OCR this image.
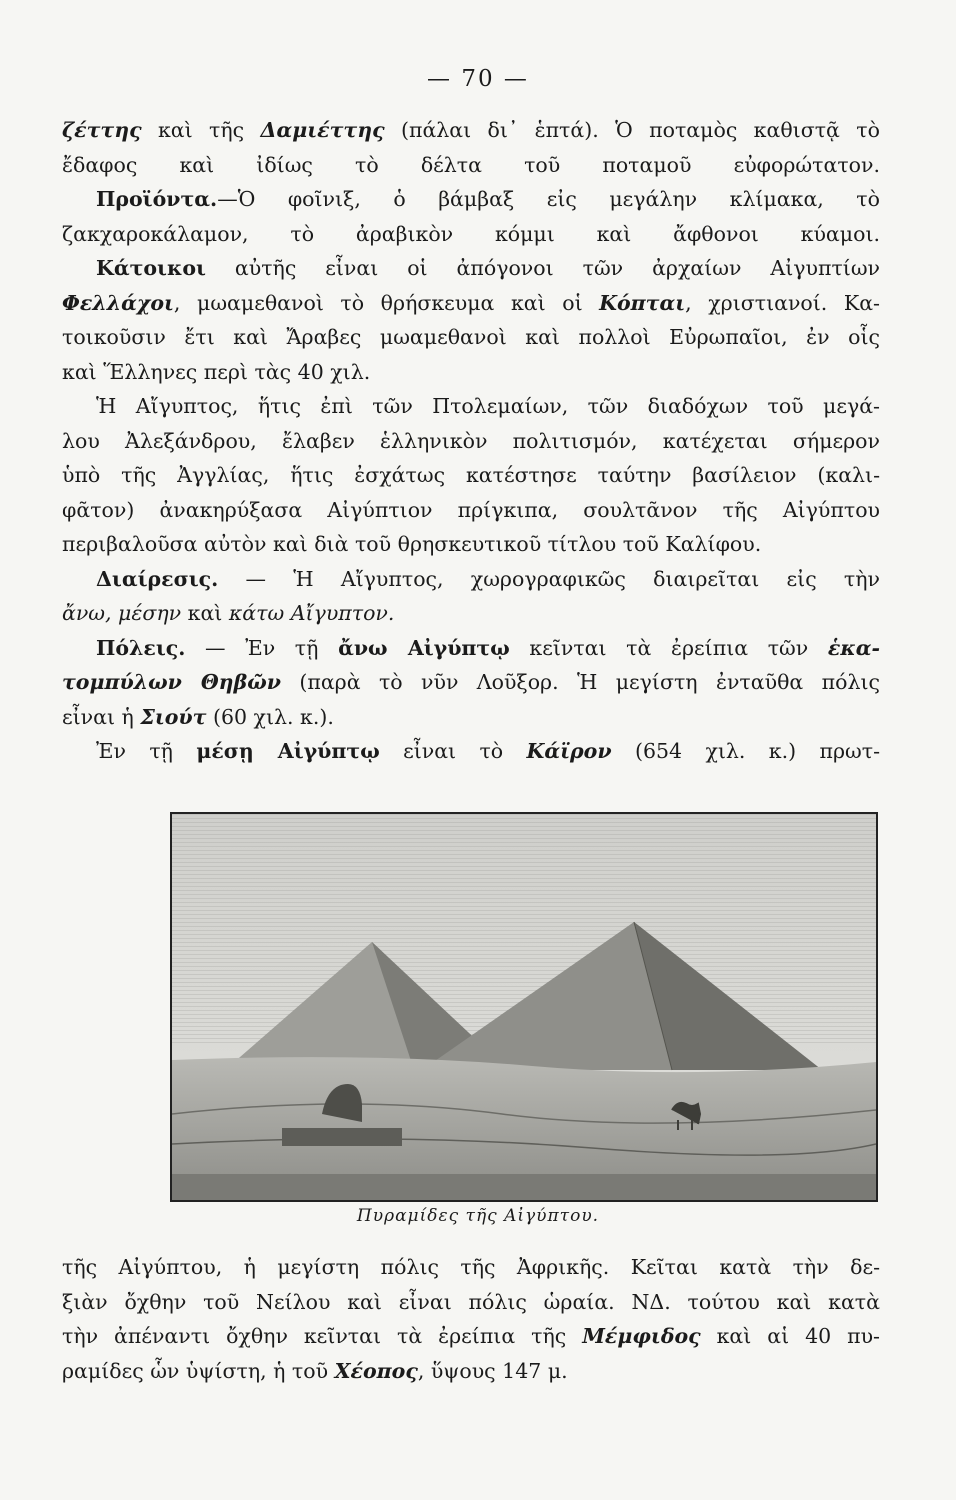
— 70 —
ζέττης καὶ τῆς Δαμιέττης (πάλαι δι᾽ ἑπτά). Ὁ ποταμὸς καθιστᾷ τὸ
ἔδαφος καὶ ἰδίως τὸ δέλτα τοῦ ποταμοῦ εὐφορώτατον.
Προϊόντα.—Ὁ φοῖνιξ, ὁ βάμβαξ εἰς μεγάλην κλίμακα, τὸ
ζακχαροκάλαμον, τὸ ἀραβικὸν κόμμι καὶ ἄφθονοι κύαμοι.
Κάτοικοι αὐτῆς εἶναι οἱ ἀπόγονοι τῶν ἀρχαίων Αἰγυπτίων
Φελλάχοι, μωαμεθανοὶ τὸ θρήσκευμα καὶ οἱ Κόπται, χριστιανοί. Κα-
τοικοῦσιν ἔτι καὶ Ἄραβες μωαμεθανοὶ καὶ πολλοὶ Εὐρωπαῖοι, ἐν οἷς
καὶ Ἕλληνες περὶ τὰς 40 χιλ.
Ἡ Αἴγυπτος, ἥτις ἐπὶ τῶν Πτολεμαίων, τῶν διαδόχων τοῦ μεγά-
λου Ἀλεξάνδρου, ἔλαβεν ἑλληνικὸν πολιτισμόν, κατέχεται σήμερον
ὑπὸ τῆς Ἀγγλίας, ἥτις ἐσχάτως κατέστησε ταύτην βασίλειον (καλι-
φᾶτον) ἀνακηρύξασα Αἰγύπτιον πρίγκιπα, σουλτᾶνον τῆς Αἰγύπτου
περιβαλοῦσα αὐτὸν καὶ διὰ τοῦ θρησκευτικοῦ τίτλου τοῦ Καλίφου.
Διαίρεσις. — Ἡ Αἴγυπτος, χωρογραφικῶς διαιρεῖται εἰς τὴν
ἄνω, μέσην καὶ κάτω Αἴγυπτον.
Πόλεις. — Ἐν τῇ ἄνω Αἰγύπτῳ κεῖνται τὰ ἐρείπια τῶν ἑκα-
τομπύλων Θηβῶν (παρὰ τὸ νῦν Λοῦξορ. Ἡ μεγίστη ἐνταῦθα πόλις
εἶναι ἡ Σιούτ (60 χιλ. κ.).
Ἐν τῇ μέσῃ Αἰγύπτῳ εἶναι τὸ Κάϊρον (654 χιλ. κ.) πρωτ-
Πυραμίδες τῆς Αἰγύπτου.
τῆς Αἰγύπτου, ἡ μεγίστη πόλις τῆς Ἀφρικῆς. Κεῖται κατὰ τὴν δε-
ξιὰν ὄχθην τοῦ Νείλου καὶ εἶναι πόλις ὡραία. ΝΔ. τούτου καὶ κατὰ
τὴν ἀπέναντι ὄχθην κεῖνται τὰ ἐρείπια τῆς Μέμφιδος καὶ αἱ 40 πυ-
ραμίδες ὧν ὑψίστη, ἡ τοῦ Χέοπος, ὕψους 147 μ.
